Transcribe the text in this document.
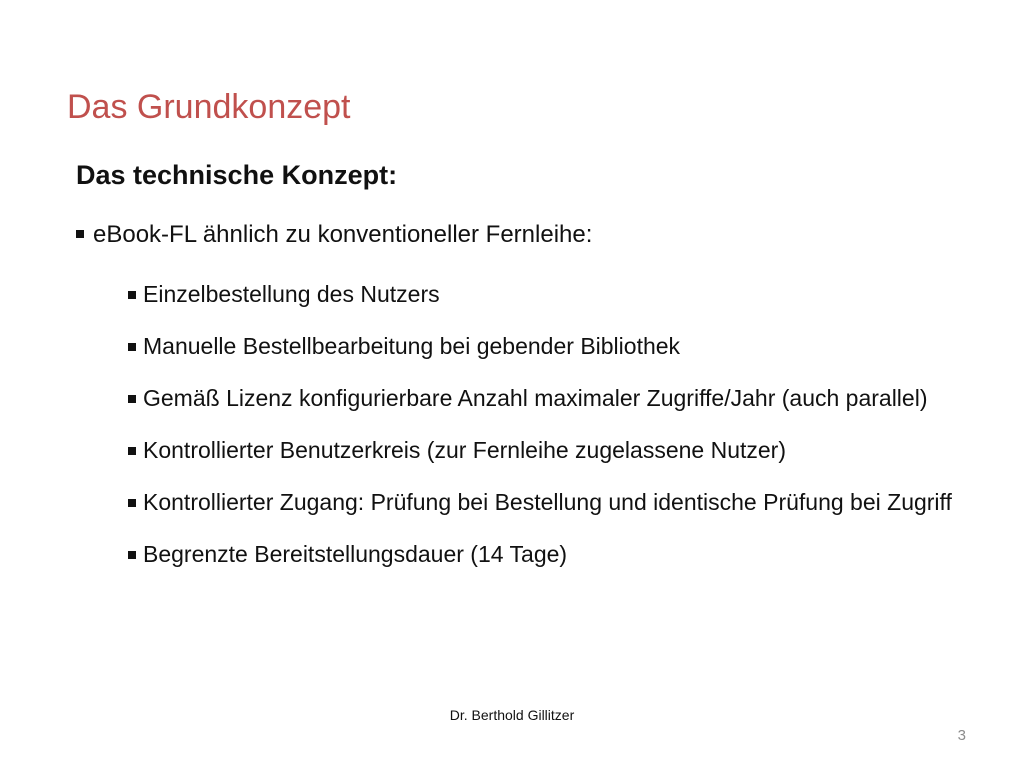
Das Grundkonzept
Das technische Konzept:
eBook-FL ähnlich zu konventioneller Fernleihe:
Einzelbestellung des Nutzers
Manuelle Bestellbearbeitung bei gebender Bibliothek
Gemäß Lizenz konfigurierbare Anzahl maximaler Zugriffe/Jahr (auch parallel)
Kontrollierter Benutzerkreis (zur Fernleihe zugelassene Nutzer)
Kontrollierter Zugang: Prüfung bei Bestellung und identische Prüfung bei Zugriff
Begrenzte Bereitstellungsdauer (14 Tage)
Dr. Berthold Gillitzer
3
